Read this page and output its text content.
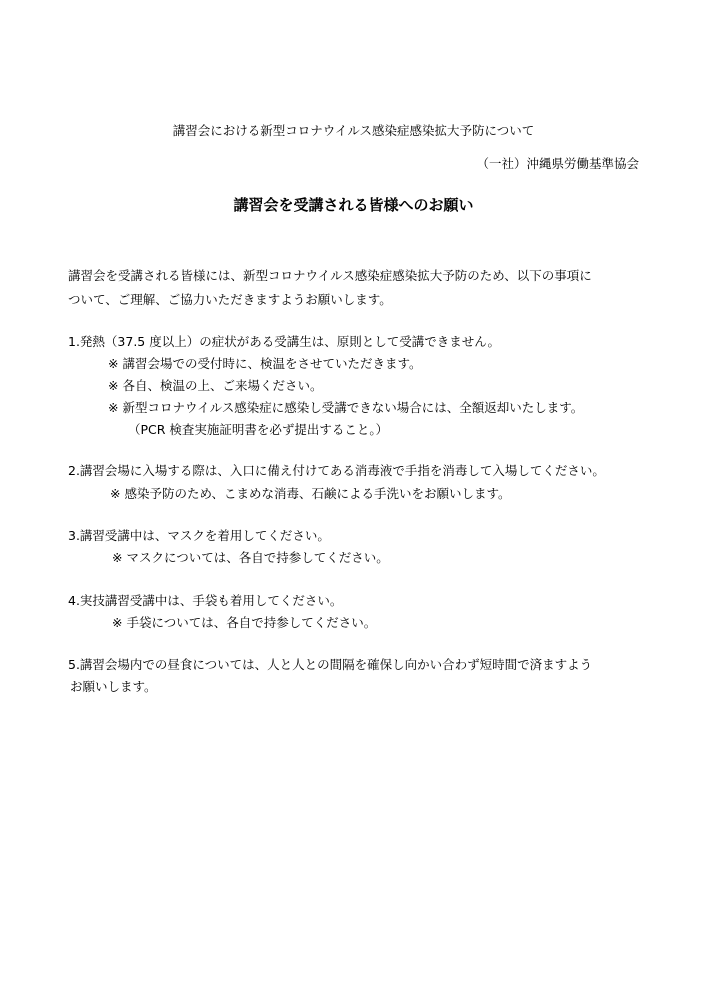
講習会における新型コロナウイルス感染症感染拡大予防について
（一社）沖縄県労働基準協会
講習会を受講される皆様へのお願い
講習会を受講される皆様には、新型コロナウイルス感染症感染拡大予防のため、以下の事項に
ついて、ご理解、ご協力いただきますようお願いします。
1.発熱（37.5 度以上）の症状がある受講生は、原則として受講できません。
※ 講習会場での受付時に、検温をさせていただきます。
※ 各自、検温の上、ご来場ください。
※ 新型コロナウイルス感染症に感染し受講できない場合には、全額返却いたします。
（PCR 検査実施証明書を必ず提出すること。）
2.講習会場に入場する際は、入口に備え付けてある消毒液で手指を消毒して入場してください。
※ 感染予防のため、こまめな消毒、石鹸による手洗いをお願いします。
3.講習受講中は、マスクを着用してください。
※ マスクについては、各自で持参してください。
4.実技講習受講中は、手袋も着用してください。
※ 手袋については、各自で持参してください。
5.講習会場内での昼食については、人と人との間隔を確保し向かい合わず短時間で済ますよう
お願いします。
